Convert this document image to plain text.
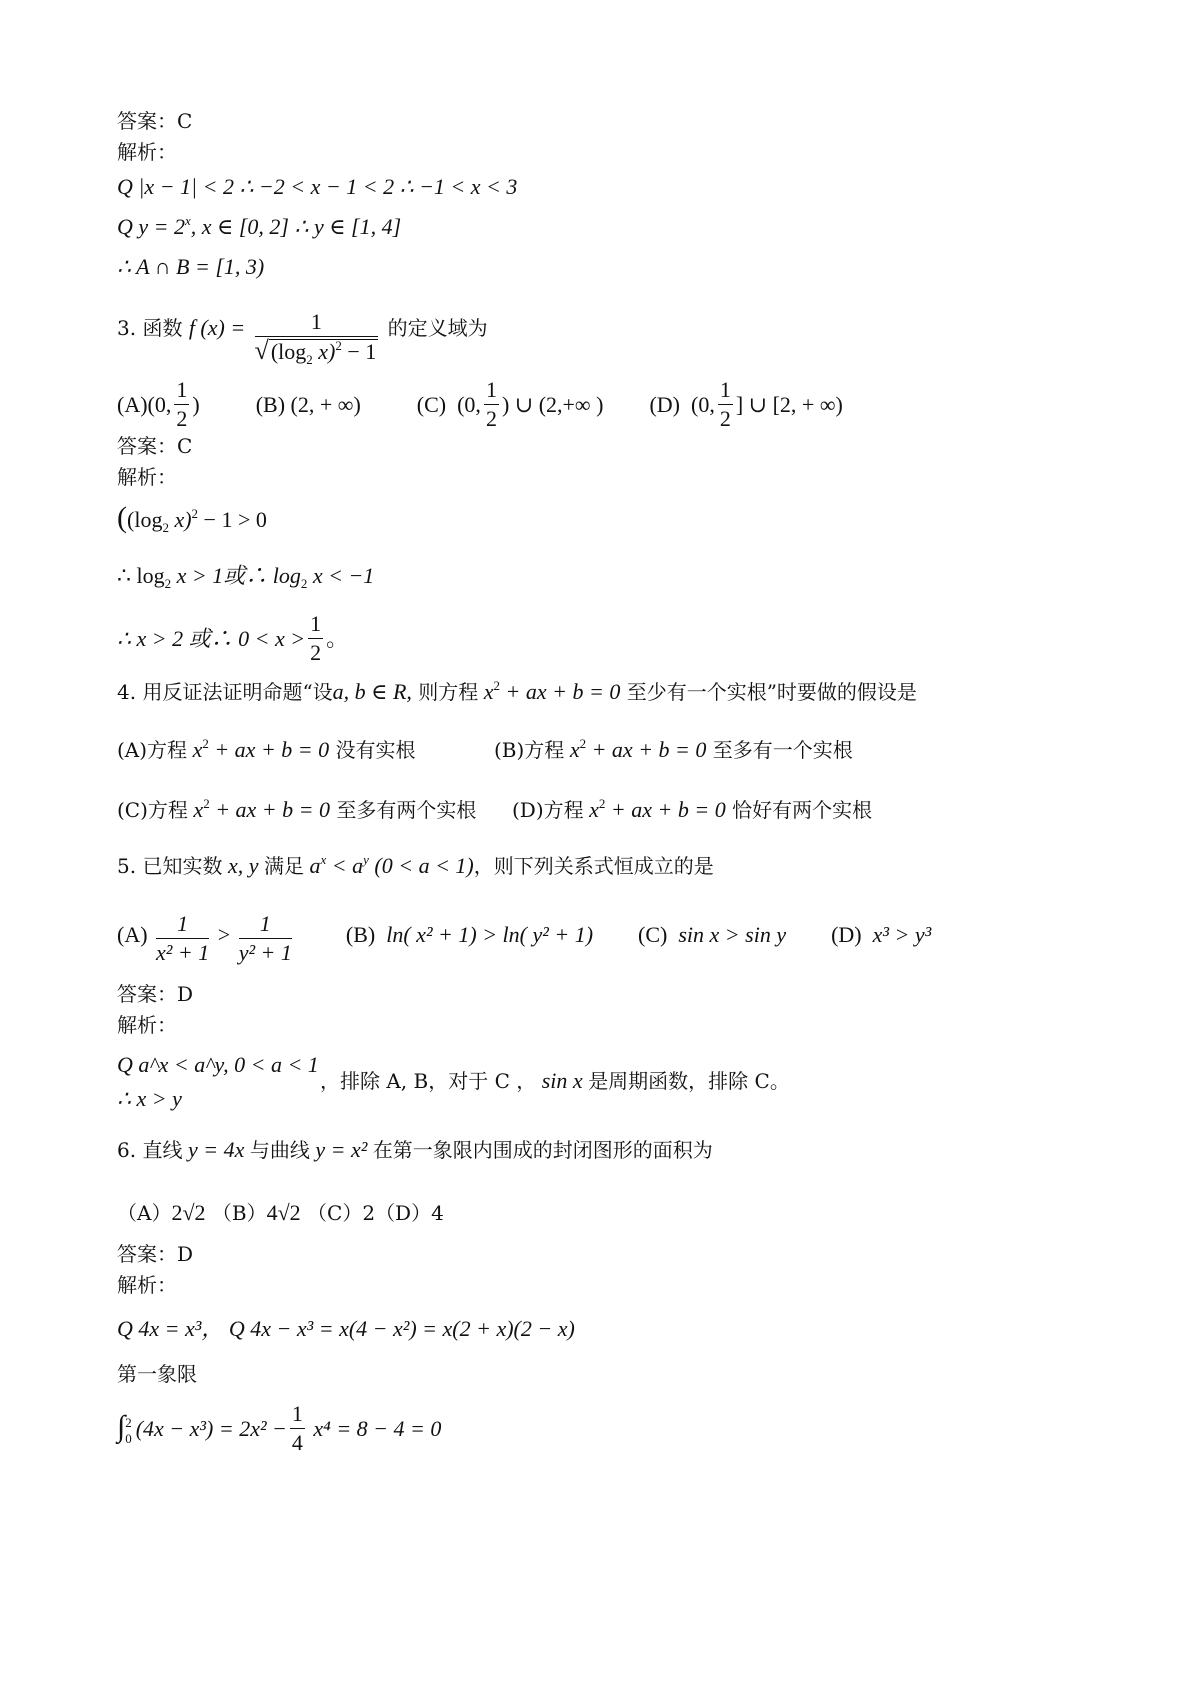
答案：C
解析：
Q |x − 1| < 2 ∴ −2 < x − 1 < 2 ∴ −1 < x < 3
Q $y = 2^x$, x ∈ [0, 2] ∴ y ∈ [1, 4]
∴ A ∩ B = [1, 3)
3. 函数 f $(x) = \frac{1}{√(\log_2 x)^2 - 1}$ 的定义域为
(A)(0, $\frac{1}{2}$ )	(B) (2, + ∞)	(C) (0, $\frac{1}{2}$ ) ∪ (2,+∞ ) (D) (0, $\frac{1}{2}$ ] ∪ [2, + ∞)
答案：C
解析：
(($\log_2$ x)$^2$ − 1 > 0
∴ $\log_2 x > 1$或∴ $\log_2 x < -1$
∴ x > 2 或∴ $0 < x > \frac{1}{2}$ 。
4. 用反证法证明命题“设a, b ∈ R, 则方程 $x^2$ + ax + b = 0 至少有一个实根”时要做的假设是
(A)方程 $x^2$ + ax + b = 0 没有实根	(B)方程 $x^2$ + ax + b = 0 至多有一个实根
(C)方程 $x^2$ + ax + b = 0 至多有两个实根 (D)方程 $x^2$ + ax + b = 0 恰好有两个实根
5. 已知实数 x, y 满足 $a^x < a^y$ (0 < a < 1)，则下列关系式恒成立的是
$(A) \frac{1}{\text{x² + 1}} > \frac{1}{\text{y² + 1}} (B)$ ln( x² + 1) > ln( y² + 1) (C) sin x > sin y (D) x³ > y³
答案：D
解析：
Q a^x < a^y, 0 < a < 1
∴ x > y
，排除 A, B，对于 C ， sin x 是周期函数，排除 C。
6. 直线 y = 4x 与曲线 y = x² 在第一象限内围成的封闭图形的面积为
（A）2√2 （B）4√2 （C）2（D）4
答案：D
解析：
Q 4x = x³， Q 4x − x³ = x(4 − x²) = x(2 + x)(2 − x)
第一象限
∫ 2
0 $(4x - x^3) = 2x^2 - \frac{1}{4} x^4 = 8 - 4 = 0$
